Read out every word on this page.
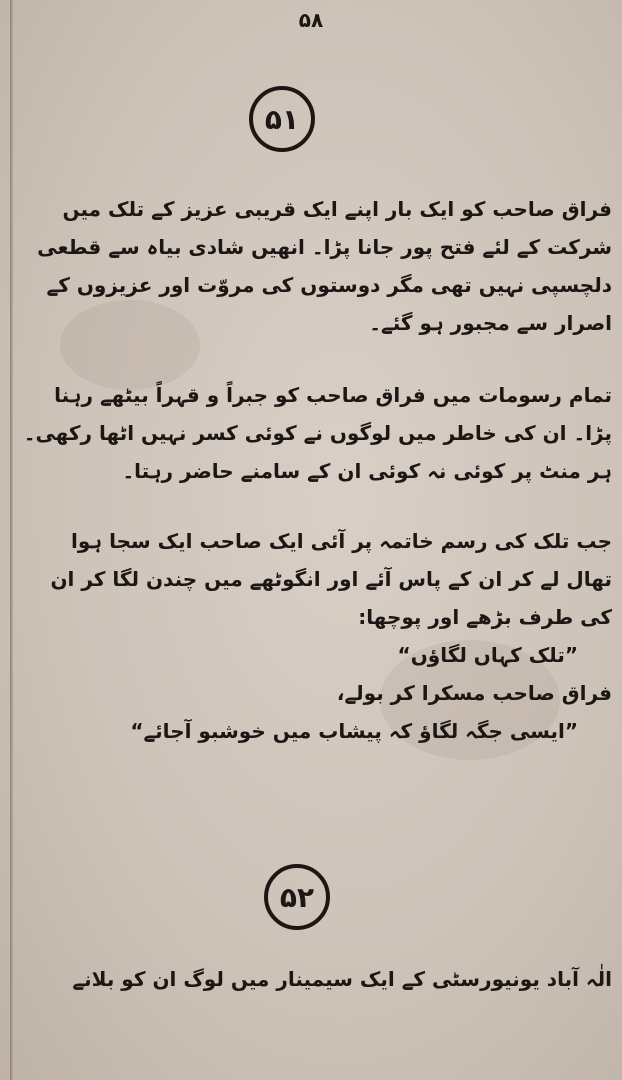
۵۸
۵۱

فراق صاحب کو ایک بار اپنے ایک قریبی عزیز کے تلک میں شرکت کے لئے فتح پور جانا پڑا۔ انھیں شادی بیاہ سے قطعی دلچسپی نہیں تھی مگر دوستوں کی مروّت اور عزیزوں کے اصرار سے مجبور ہو گئے۔

تمام رسومات میں فراق صاحب کو جبراً و قہراً بیٹھے رہنا پڑا۔ ان کی خاطر میں لوگوں نے کوئی کسر نہیں اٹھا رکھی۔ ہر منٹ پر کوئی نہ کوئی ان کے سامنے حاضر رہتا۔

جب تلک کی رسم خاتمہ پر آئی ایک صاحب ایک سجا ہوا تھال لے کر ان کے پاس آئے اور انگوٹھے میں چندن لگا کر ان کی طرف بڑھے اور پوچھا:

”تلک کہاں لگاؤں“

فراق صاحب مسکرا کر بولے،

”ایسی جگہ لگاؤ کہ پیشاب میں خوشبو آجائے“

۵۲

الٰہ آباد یونیورسٹی کے ایک سیمینار میں لوگ ان کو بلانے
